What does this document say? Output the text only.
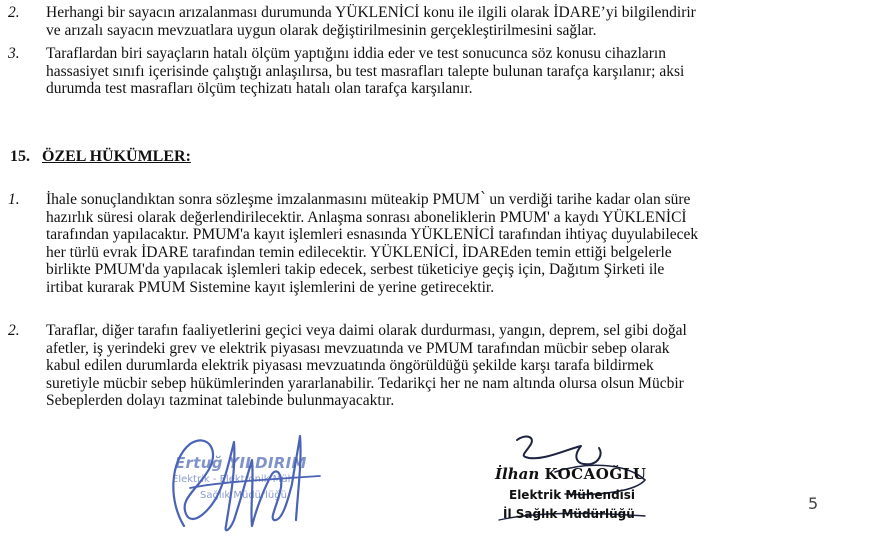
2. Herhangi bir sayacın arızalanması durumunda YÜKLENİCİ konu ile ilgili olarak İDARE’yi bilgilendirir
ve arızalı sayacın mevzuatlara uygun olarak değiştirilmesinin gerçekleştirilmesini sağlar.
3. Taraflardan biri sayaçların hatalı ölçüm yaptığını iddia eder ve test sonucunca söz konusu cihazların
hassasiyet sınıfı içerisinde çalıştığı anlaşılırsa, bu test masrafları talepte bulunan tarafça karşılanır; aksi
durumda test masrafları ölçüm teçhizatı hatalı olan tarafça karşılanır.
15. ÖZEL HÜKÜMLER:
1. İhale sonuçlandıktan sonra sözleşme imzalanmasını müteakip PMUM՝ un verdiği tarihe kadar olan süre
hazırlık süresi olarak değerlendirilecektir. Anlaşma sonrası aboneliklerin PMUM' a kaydı YÜKLENİCİ
tarafından yapılacaktır. PMUM'a kayıt işlemleri esnasında YÜKLENİCİ tarafından ihtiyaç duyulabilecek
her türlü evrak İDARE tarafından temin edilecektir. YÜKLENİCİ, İDAREden temin ettiği belgelerle
birlikte PMUM'da yapılacak işlemleri takip edecek, serbest tüketiciye geçiş için, Dağıtım Şirketi ile
irtibat kurarak PMUM Sistemine kayıt işlemlerini de yerine getirecektir.
2. Taraflar, diğer tarafın faaliyetlerini geçici veya daimi olarak durdurması, yangın, deprem, sel gibi doğal
afetler, iş yerindeki grev ve elektrik piyasası mevzuatında ve PMUM tarafından mücbir sebep olarak
kabul edilen durumlarda elektrik piyasası mevzuatında öngörüldüğü şekilde karşı tarafa bildirmek
suretiyle mücbir sebep hükümlerinden yararlanabilir. Tedarikçi her ne nam altında olursa olsun Mücbir
Sebeplerden dolayı tazminat talebinde bulunmayacaktır.
Ertuğ YILDIRIM
Elektrik - Elektronik Müh
Sağlık Müdürlüğü
İlhan KOCAOĞLU
Elektrik Mühendisi
İl Sağlık Müdürlüğü
5
